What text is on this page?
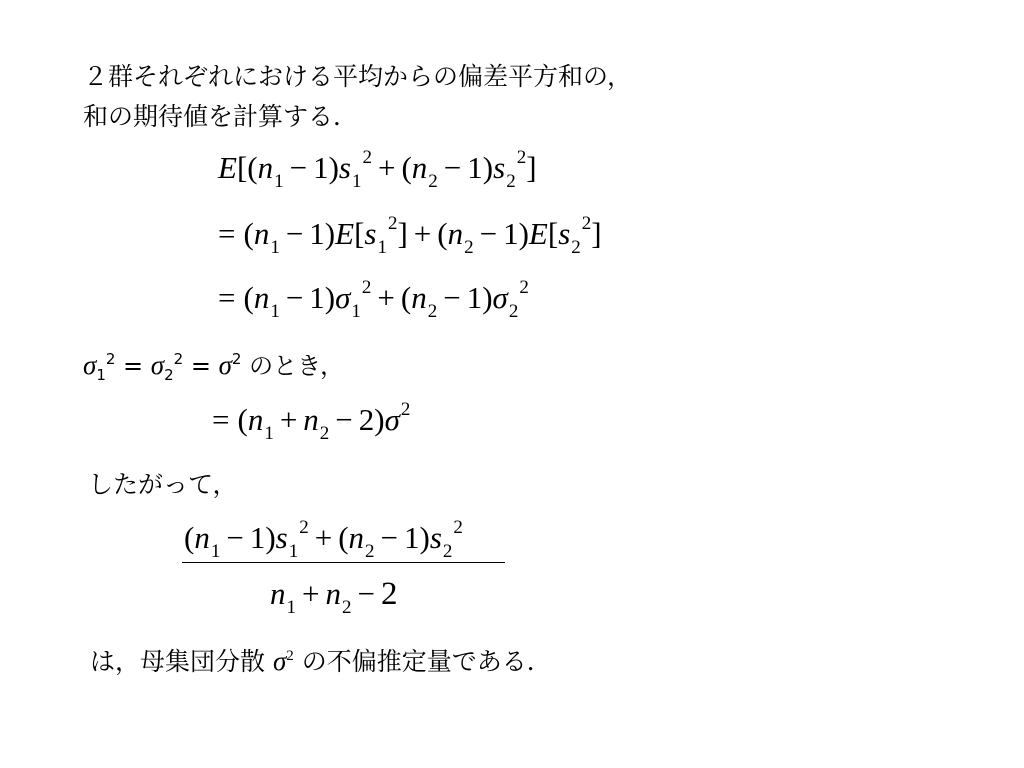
２群それぞれにおける平均からの偏差平方和の，
和の期待値を計算する．
$E[(n_1 - 1)s_1^2 + (n_2 - 1)s_2^2]$
= $(n_1 - 1)E[s_1^2] + (n_2 - 1)E[s_2^2]$
= $(n_1 - 1)\sigma_1^2 + (n_2 - 1)\sigma_2^2$
$\sigma_1^2 = \sigma_2^2 = \sigma^2$ のとき，
= $(n_1 + n_2 - 2)\sigma^2$
したがって，
$(n_1 - 1)s_1^2 + (n_2 - 1)s_2^2$
$n_1 + n_2 - 2$
は，母集団分散 $\sigma^2$ の不偏推定量である．
